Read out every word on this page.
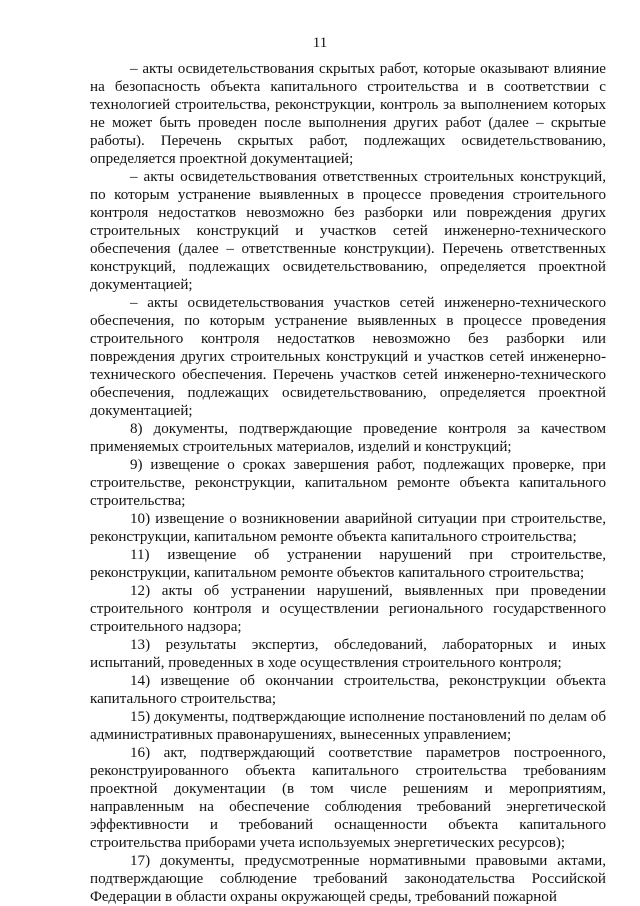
11

– акты освидетельствования скрытых работ, которые оказывают влияние на безопасность объекта капитального строительства и в соответствии с технологией строительства, реконструкции, контроль за выполнением которых не может быть проведен после выполнения других работ (далее – скрытые работы). Перечень скрытых работ, подлежащих освидетельствованию, определяется проектной документацией;

– акты освидетельствования ответственных строительных конструкций, по которым устранение выявленных в процессе проведения строительного контроля недостатков невозможно без разборки или повреждения других строительных конструкций и участков сетей инженерно-технического обеспечения (далее – ответственные конструкции). Перечень ответственных конструкций, подлежащих освидетельствованию, определяется проектной документацией;

– акты освидетельствования участков сетей инженерно-технического обеспечения, по которым устранение выявленных в процессе проведения строительного контроля недостатков невозможно без разборки или повреждения других строительных конструкций и участков сетей инженерно-технического обеспечения. Перечень участков сетей инженерно-технического обеспечения, подлежащих освидетельствованию, определяется проектной документацией;

8) документы, подтверждающие проведение контроля за качеством применяемых строительных материалов, изделий и конструкций;

9) извещение о сроках завершения работ, подлежащих проверке, при строительстве, реконструкции, капитальном ремонте объекта капитального строительства;

10) извещение о возникновении аварийной ситуации при строительстве, реконструкции, капитальном ремонте объекта капитального строительства;

11) извещение об устранении нарушений при строительстве, реконструкции, капитальном ремонте объектов капитального строительства;

12) акты об устранении нарушений, выявленных при проведении строительного контроля и осуществлении регионального государственного строительного надзора;

13) результаты экспертиз, обследований, лабораторных и иных испытаний, проведенных в ходе осуществления строительного контроля;

14) извещение об окончании строительства, реконструкции объекта капитального строительства;

15) документы, подтверждающие исполнение постановлений по делам об административных правонарушениях, вынесенных управлением;

16) акт, подтверждающий соответствие параметров построенного, реконструированного объекта капитального строительства требованиям проектной документации (в том числе решениям и мероприятиям, направленным на обеспечение соблюдения требований энергетической эффективности и требований оснащенности объекта капитального строительства приборами учета используемых энергетических ресурсов);

17) документы, предусмотренные нормативными правовыми актами, подтверждающие соблюдение требований законодательства Российской Федерации в области охраны окружающей среды, требований пожарной
